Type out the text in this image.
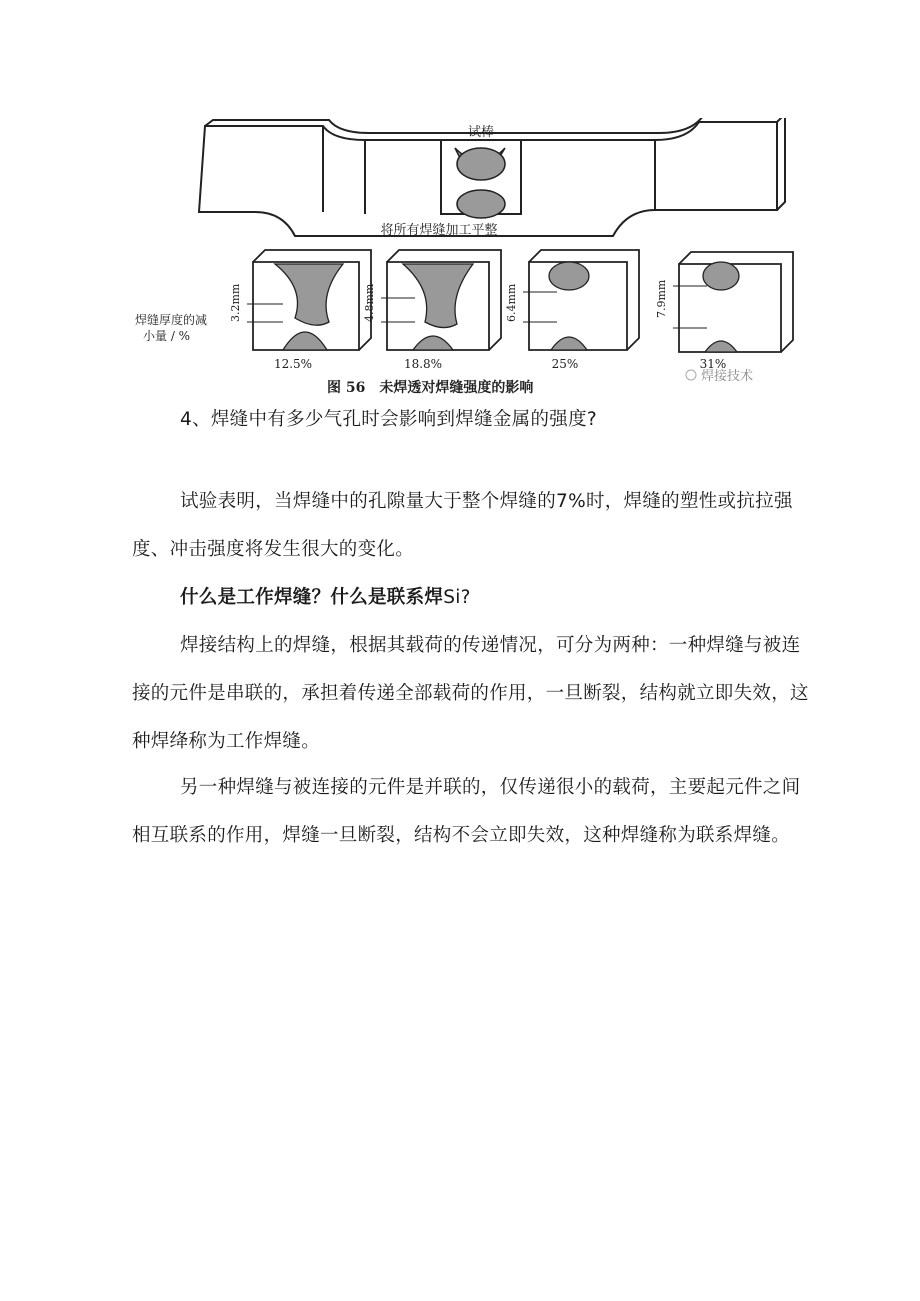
试棒
将所有焊缝加工平整
焊缝厚度的减
小量 / %
3.2mm
12.5%
4.8mm
18.8%
6.4mm
25%
7.9mm
31%
图 56　未焊透对焊缝强度的影响
焊接技术

4、焊缝中有多少气孔时会影响到焊缝金属的强度?

试验表明，当焊缝中的孔隙量大于整个焊缝的7%时，焊缝的塑性或抗拉强度、冲击强度将发生很大的变化。

什么是工作焊缝？什么是联系焊Si?

焊接结构上的焊缝，根据其载荷的传递情况，可分为两种：一种焊缝与被连接的元件是串联的，承担着传递全部载荷的作用，一旦断裂，结构就立即失效，这种焊绛称为工作焊缝。

另一种焊缝与被连接的元件是并联的，仅传递很小的载荷，主要起元件之间相互联系的作用，焊缝一旦断裂，结构不会立即失效，这种焊缝称为联系焊缝。
